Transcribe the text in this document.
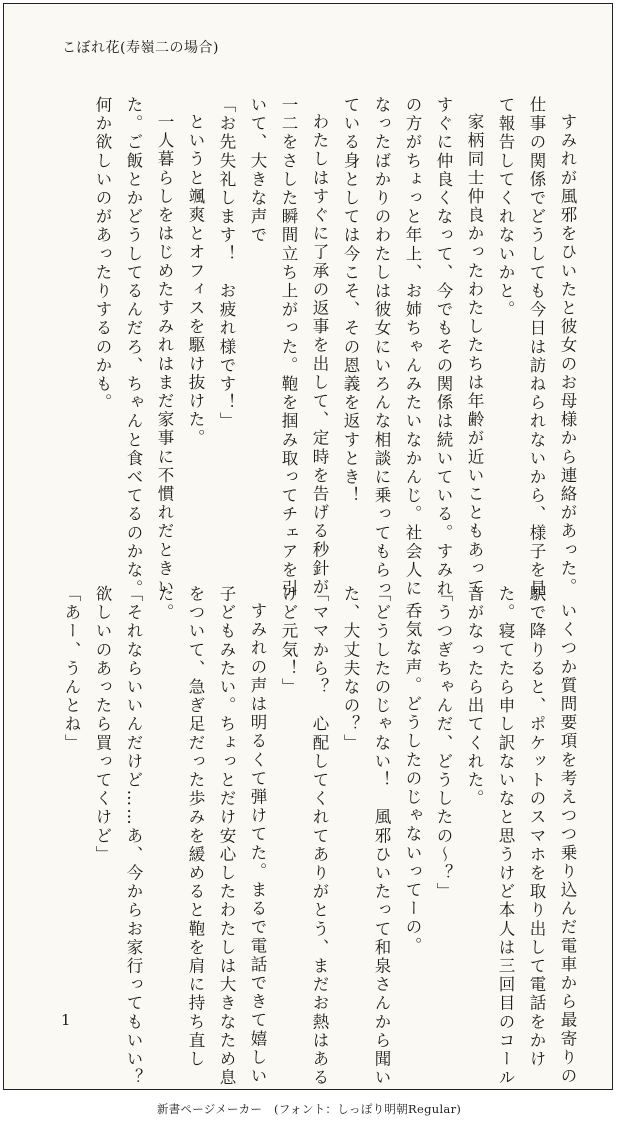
こぼれ花(寿嶺二の場合)

すみれが風邪をひいたと彼女のお母様から連絡があった。仕事の関係でどうしても今日は訪ねられないから、様子を見て報告してくれないかと。

家柄同士仲良かったわたしたちは年齢が近いこともあってすぐに仲良くなって、今でもその関係は続いている。すみれの方がちょっと年上、お姉ちゃんみたいなかんじ。社会人になったばかりのわたしは彼女にいろんな相談に乗ってもらっている身としては今こそ、その恩義を返すとき！

わたしはすぐに了承の返事を出して、定時を告げる秒針が一二をさした瞬間立ち上がった。鞄を掴み取ってチェアを引いて、大きな声で

「お先失礼します！　お疲れ様です！」

というと颯爽とオフィスを駆け抜けた。

一人暮らしをはじめたすみれはまだ家事に不慣れだときいた。ご飯とかどうしてるんだろ、ちゃんと食べてるのかな。何か欲しいのがあったりするのかも。

いくつか質問要項を考えつつ乗り込んだ電車から最寄りの駅で降りると、ポケットのスマホを取り出して電話をかけた。寝てたら申し訳ないなと思うけど本人は三回目のコール音がなったら出てくれた。

「うつぎちゃんだ、どうしたの〜？」

呑気な声。どうしたのじゃないってーの。

「どうしたのじゃない！　風邪ひいたって和泉さんから聞いた、大丈夫なの？」

「ママから？　心配してくれてありがとう、まだお熱はあるけど元気！」

すみれの声は明るくて弾けてた。まるで電話できて嬉しい子どもみたい。ちょっとだけ安心したわたしは大きなため息をついて、急ぎ足だった歩みを緩めると鞄を肩に持ち直した。

「それならいいんだけど……あ、今からお家行ってもいい？　欲しいのあったら買ってくけど」

「あー、うんとね」

1
新書ページメーカー　(フォント：しっぽり明朝Regular)
